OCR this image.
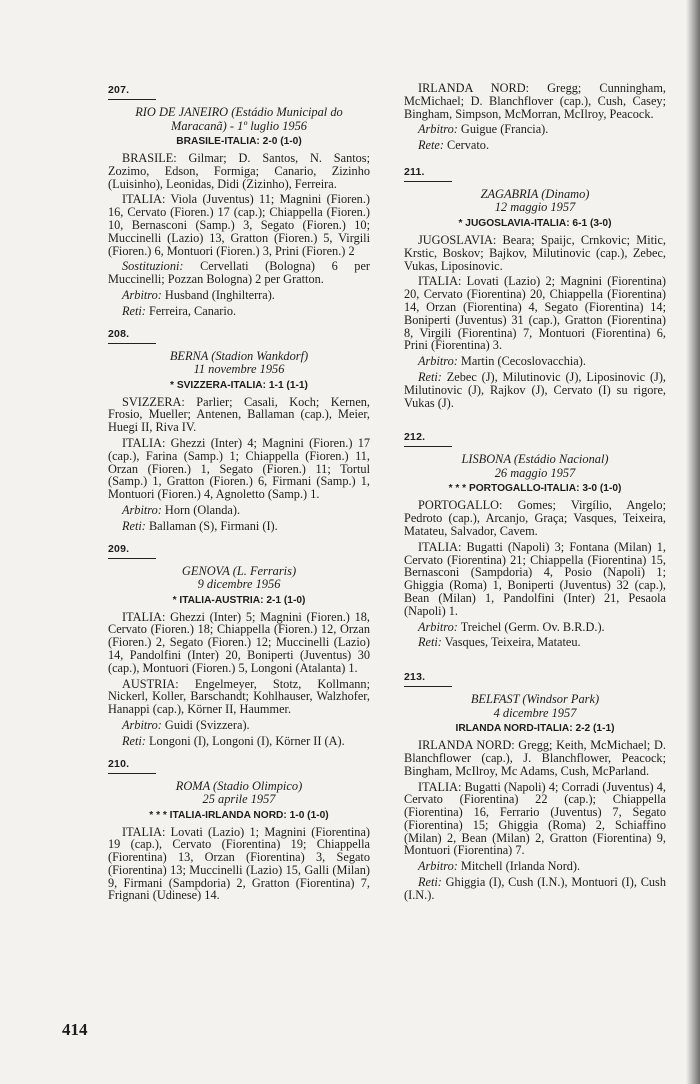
207.
RIO DE JANEIRO (Estádio Municipal do Maracanã) - 1º luglio 1956
BRASILE-ITALIA: 2-0 (1-0)

BRASILE: Gilmar; D. Santos, N. Santos; Zozimo, Edson, Formiga; Canario, Zizinho (Luisinho), Leonidas, Didi (Zizinho), Ferreira.

ITALIA: Viola (Juventus) 11; Magnini (Fioren.) 16, Cervato (Fioren.) 17 (cap.); Chiappella (Fioren.) 10, Bernasconi (Samp.) 3, Segato (Fioren.) 10; Muccinelli (Lazio) 13, Gratton (Fioren.) 5, Virgili (Fioren.) 6, Montuori (Fioren.) 3, Prini (Fioren.) 2

Sostituzioni: Cervellati (Bologna) 6 per Muccinelli; Pozzan Bologna) 2 per Gratton.

Arbitro: Husband (Inghilterra).

Reti: Ferreira, Canario.

208.
BERNA (Stadion Wankdorf)
11 novembre 1956
* SVIZZERA-ITALIA: 1-1 (1-1)

SVIZZERA: Parlier; Casali, Koch; Kernen, Frosio, Mueller; Antenen, Ballaman (cap.), Meier, Huegi II, Riva IV.

ITALIA: Ghezzi (Inter) 4; Magnini (Fioren.) 17 (cap.), Farina (Samp.) 1; Chiappella (Fioren.) 11, Orzan (Fioren.) 1, Segato (Fioren.) 11; Tortul (Samp.) 1, Gratton (Fioren.) 6, Firmani (Samp.) 1, Montuori (Fioren.) 4, Agnoletto (Samp.) 1.

Arbitro: Horn (Olanda).

Reti: Ballaman (S), Firmani (I).

209.
GENOVA (L. Ferraris)
9 dicembre 1956
* ITALIA-AUSTRIA: 2-1 (1-0)

ITALIA: Ghezzi (Inter) 5; Magnini (Fioren.) 18, Cervato (Fioren.) 18; Chiappella (Fioren.) 12, Orzan (Fioren.) 2, Segato (Fioren.) 12; Muccinelli (Lazio) 14, Pandolfini (Inter) 20, Boniperti (Juventus) 30 (cap.), Montuori (Fioren.) 5, Longoni (Atalanta) 1.

AUSTRIA: Engelmeyer, Stotz, Kollmann; Nickerl, Koller, Barschandt; Kohlhauser, Walzhofer, Hanappi (cap.), Körner II, Haummer.

Arbitro: Guidi (Svizzera).

Reti: Longoni (I), Longoni (I), Körner II (A).

210.
ROMA (Stadio Olimpico)
25 aprile 1957
* * * ITALIA-IRLANDA NORD: 1-0 (1-0)

ITALIA: Lovati (Lazio) 1; Magnini (Fiorentina) 19 (cap.), Cervato (Fiorentina) 19; Chiappella (Fiorentina) 13, Orzan (Fiorentina) 3, Segato (Fiorentina) 13; Muccinelli (Lazio) 15, Galli (Milan) 9, Firmani (Sampdoria) 2, Gratton (Fiorentina) 7, Frignani (Udinese) 14.

IRLANDA NORD: Gregg; Cunningham, McMichael; D. Blanchflover (cap.), Cush, Casey; Bingham, Simpson, McMorran, McIlroy, Peacock.

Arbitro: Guigue (Francia).

Rete: Cervato.

211.
ZAGABRIA (Dinamo)
12 maggio 1957
* JUGOSLAVIA-ITALIA: 6-1 (3-0)

JUGOSLAVIA: Beara; Spaijc, Crnkovic; Mitic, Krstic, Boskov; Bajkov, Milutinovic (cap.), Zebec, Vukas, Liposinovic.

ITALIA: Lovati (Lazio) 2; Magnini (Fiorentina) 20, Cervato (Fiorentina) 20, Chiappella (Fiorentina) 14, Orzan (Fiorentina) 4, Segato (Fiorentina) 14; Boniperti (Juventus) 31 (cap.), Gratton (Fiorentina) 8, Virgili (Fiorentina) 7, Montuori (Fiorentina) 6, Prini (Fiorentina) 3.

Arbitro: Martin (Cecoslovacchia).

Reti: Zebec (J), Milutinovic (J), Liposinovic (J), Milutinovic (J), Rajkov (J), Cervato (I) su rigore, Vukas (J).

212.
LISBONA (Estádio Nacional)
26 maggio 1957
* * * PORTOGALLO-ITALIA: 3-0 (1-0)

PORTOGALLO: Gomes; Virgílio, Angelo; Pedroto (cap.), Arcanjo, Graça; Vasques, Teixeira, Matateu, Salvador, Cavem.

ITALIA: Bugatti (Napoli) 3; Fontana (Milan) 1, Cervato (Fiorentina) 21; Chiappella (Fiorentina) 15, Bernasconi (Sampdoria) 4, Posio (Napoli) 1; Ghiggia (Roma) 1, Boniperti (Juventus) 32 (cap.), Bean (Milan) 1, Pandolfini (Inter) 21, Pesaola (Napoli) 1.

Arbitro: Treichel (Germ. Ov. B.R.D.).

Reti: Vasques, Teixeira, Matateu.

213.
BELFAST (Windsor Park)
4 dicembre 1957
IRLANDA NORD-ITALIA: 2-2 (1-1)

IRLANDA NORD: Gregg; Keith, McMichael; D. Blanchflower (cap.), J. Blanchflower, Peacock; Bingham, McIlroy, Mc Adams, Cush, McParland.

ITALIA: Bugatti (Napoli) 4; Corradi (Juventus) 4, Cervato (Fiorentina) 22 (cap.); Chiappella (Fiorentina) 16, Ferrario (Juventus) 7, Segato (Fiorentina) 15; Ghiggia (Roma) 2, Schiaffino (Milan) 2, Bean (Milan) 2, Gratton (Fiorentina) 9, Montuori (Fiorentina) 7.

Arbitro: Mitchell (Irlanda Nord).

Reti: Ghiggia (I), Cush (I.N.), Montuori (I), Cush (I.N.).

414
